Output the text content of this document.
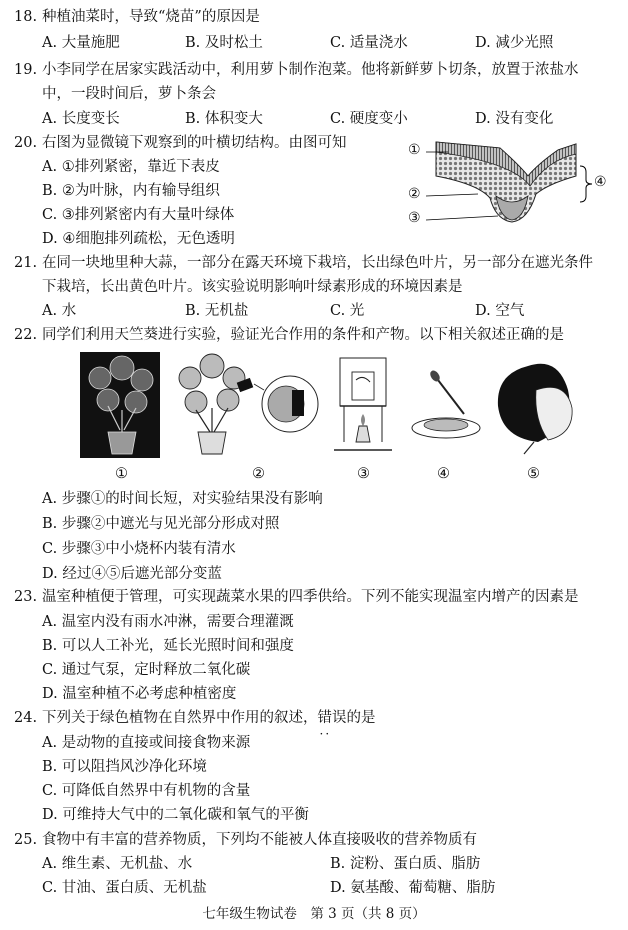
18. 种植油菜时，导致“烧苗”的原因是
A. 大量施肥	B. 及时松土	C. 适量浇水	D. 减少光照
19. 小李同学在居家实践活动中，利用萝卜制作泡菜。他将新鲜萝卜切条，放置于浓盐水
中，一段时间后，萝卜条会
A. 长度变长	B. 体积变大	C. 硬度变小	D. 没有变化
20. 右图为显微镜下观察到的叶横切结构。由图可知
A. ①排列紧密，靠近下表皮
B. ②为叶脉，内有输导组织
C. ③排列紧密内有大量叶绿体
D. ④细胞排列疏松，无色透明
①
②
③
④
21. 在同一块地里种大蒜，一部分在露天环境下栽培，长出绿色叶片，另一部分在遮光条件
下栽培，长出黄色叶片。该实验说明影响叶绿素形成的环境因素是
A. 水	B. 无机盐	C. 光	D. 空气
22. 同学们利用天竺葵进行实验，验证光合作用的条件和产物。以下相关叙述正确的是
①	②	③	④	⑤
A. 步骤①的时间长短，对实验结果没有影响
B. 步骤②中遮光与见光部分形成对照
C. 步骤③中小烧杯内装有清水
D. 经过④⑤后遮光部分变蓝
23. 温室种植便于管理，可实现蔬菜水果的四季供给。下列不能实现温室内增产的因素是
A. 温室内没有雨水冲淋，需要合理灌溉
B. 可以人工补光，延长光照时间和强度
C. 通过气泵，定时释放二氧化碳
D. 温室种植不必考虑种植密度
24. 下列关于绿色植物在自然界中作用的叙述，错误 ··的是
A. 是动物的直接或间接食物来源
B. 可以阻挡风沙净化环境
C. 可降低自然界中有机物的含量
D. 可维持大气中的二氧化碳和氧气的平衡
25. 食物中有丰富的营养物质，下列均不能被人体直接吸收的营养物质有
A. 维生素、无机盐、水	B. 淀粉、蛋白质、脂肪
C. 甘油、蛋白质、无机盐	D. 氨基酸、葡萄糖、脂肪
七年级生物试卷　第 3 页（共 8 页）
